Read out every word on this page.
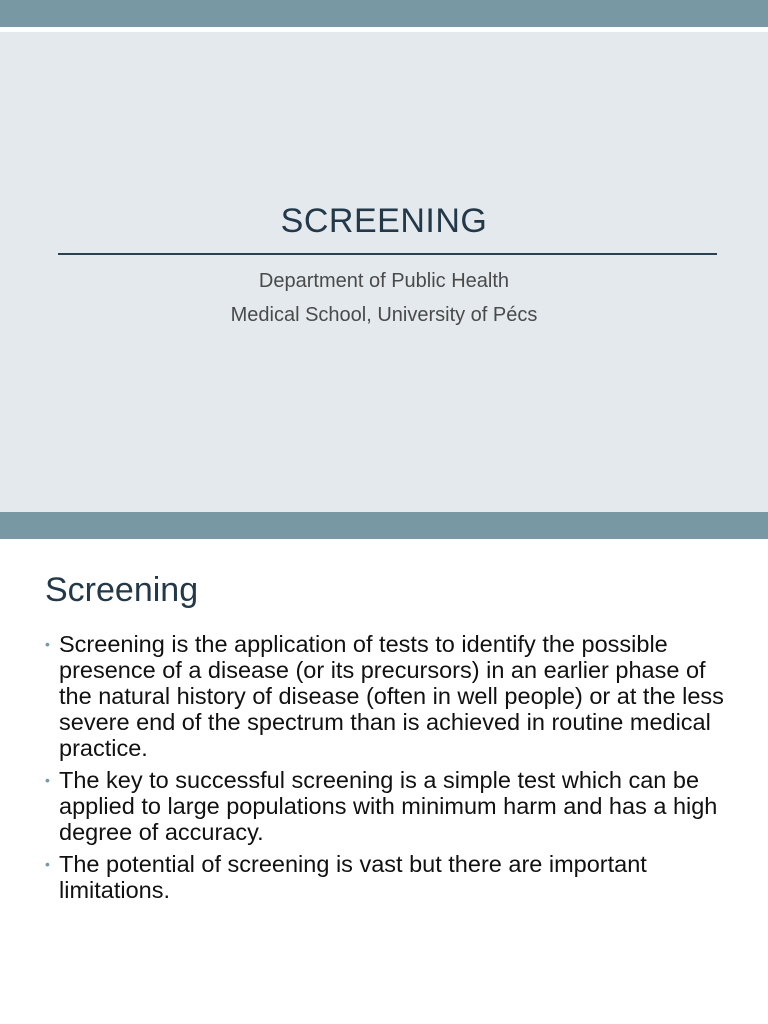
SCREENING
Department of Public Health
Medical School, University of Pécs
Screening
• Screening is the application of tests to identify the possible presence of a disease (or its precursors) in an earlier phase of the natural history of disease (often in well people) or at the less severe end of the spectrum than is achieved in routine medical practice.
• The key to successful screening is a simple test which can be applied to large populations with minimum harm and has a high degree of accuracy.
• The potential of screening is vast but there are important limitations.
